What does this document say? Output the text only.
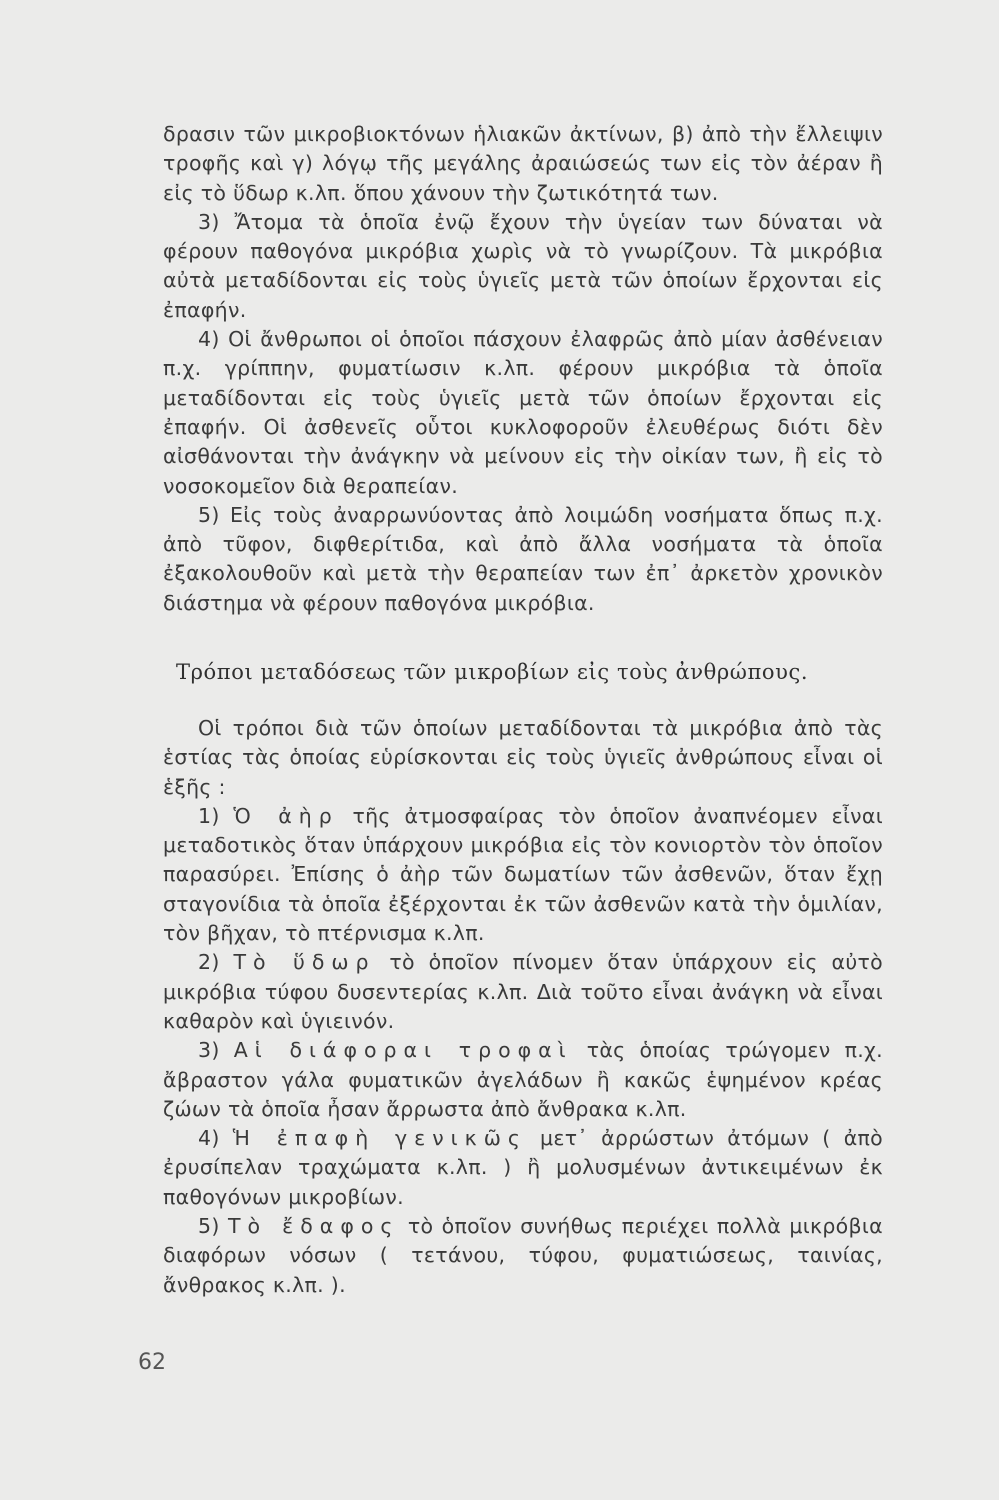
δρασιν τῶν μικροβιοκτόνων ἡλιακῶν ἀκτίνων, β) ἀπὸ τὴν ἔλλειψιν τροφῆς καὶ γ) λόγῳ τῆς μεγάλης ἀραιώσεώς των εἰς τὸν ἀέραν ἢ εἰς τὸ ὕδωρ κ.λπ. ὅπου χάνουν τὴν ζωτικότητά των.

3) Ἄτομα τὰ ὁποῖα ἐνῷ ἔχουν τὴν ὑγείαν των δύναται νὰ φέρουν παθογόνα μικρόβια χωρὶς νὰ τὸ γνωρίζουν. Τὰ μικρόβια αὐτὰ μεταδίδονται εἰς τοὺς ὑγιεῖς μετὰ τῶν ὁποίων ἔρχονται εἰς ἐπαφήν.

4) Οἱ ἄνθρωποι οἱ ὁποῖοι πάσχουν ἐλαφρῶς ἀπὸ μίαν ἀσθένειαν π.χ. γρίππην, φυματίωσιν κ.λπ. φέρουν μικρόβια τὰ ὁποῖα μεταδίδονται εἰς τοὺς ὑγιεῖς μετὰ τῶν ὁποίων ἔρχονται εἰς ἐπαφήν. Οἱ ἀσθενεῖς οὗτοι κυκλοφοροῦν ἐλευθέρως διότι δὲν αἰσθάνονται τὴν ἀνάγκην νὰ μείνουν εἰς τὴν οἰκίαν των, ἢ εἰς τὸ νοσοκομεῖον διὰ θεραπείαν.

5) Εἰς τοὺς ἀναρρωνύοντας ἀπὸ λοιμώδη νοσήματα ὅπως π.χ. ἀπὸ τῦφον, διφθερίτιδα, καὶ ἀπὸ ἄλλα νοσήματα τὰ ὁποῖα ἐξακολουθοῦν καὶ μετὰ τὴν θεραπείαν των ἐπ᾽ ἀρκετὸν χρονικὸν διάστημα νὰ φέρουν παθογόνα μικρόβια.

Τρόποι μεταδόσεως τῶν μικροβίων εἰς τοὺς ἀνθρώπους.

Οἱ τρόποι διὰ τῶν ὁποίων μεταδίδονται τὰ μικρόβια ἀπὸ τὰς ἑστίας τὰς ὁποίας εὑρίσκονται εἰς τοὺς ὑγιεῖς ἀνθρώπους εἶναι οἱ ἑξῆς :

1) Ὁ ἀὴρ τῆς ἀτμοσφαίρας τὸν ὁποῖον ἀναπνέομεν εἶναι μεταδοτικὸς ὅταν ὑπάρχουν μικρόβια εἰς τὸν κονιορτὸν τὸν ὁποῖον παρασύρει. Ἐπίσης ὁ ἀὴρ τῶν δωματίων τῶν ἀσθενῶν, ὅταν ἔχῃ σταγονίδια τὰ ὁποῖα ἐξέρχονται ἐκ τῶν ἀσθενῶν κατὰ τὴν ὁμιλίαν, τὸν βῆχαν, τὸ πτέρνισμα κ.λπ.

2) Τὸ ὕδωρ τὸ ὁποῖον πίνομεν ὅταν ὑπάρχουν εἰς αὐτὸ μικρόβια τύφου δυσεντερίας κ.λπ. Διὰ τοῦτο εἶναι ἀνάγκη νὰ εἶναι καθαρὸν καὶ ὑγιεινόν.

3) Αἱ διάφοραι τροφαὶ τὰς ὁποίας τρώγομεν π.χ. ἄβραστον γάλα φυματικῶν ἀγελάδων ἢ κακῶς ἑψημένον κρέας ζώων τὰ ὁποῖα ἦσαν ἄρρωστα ἀπὸ ἄνθρακα κ.λπ.

4) Ἡ ἐπαφὴ γενικῶς μετ᾽ ἀρρώστων ἀτόμων ( ἀπὸ ἐρυσίπελαν τραχώματα κ.λπ. ) ἢ μολυσμένων ἀντικειμένων ἐκ παθογόνων μικροβίων.

5) Τὸ ἔδαφος τὸ ὁποῖον συνήθως περιέχει πολλὰ μικρόβια διαφόρων νόσων ( τετάνου, τύφου, φυματιώσεως, ταινίας, ἄνθρακος κ.λπ. ).

62
